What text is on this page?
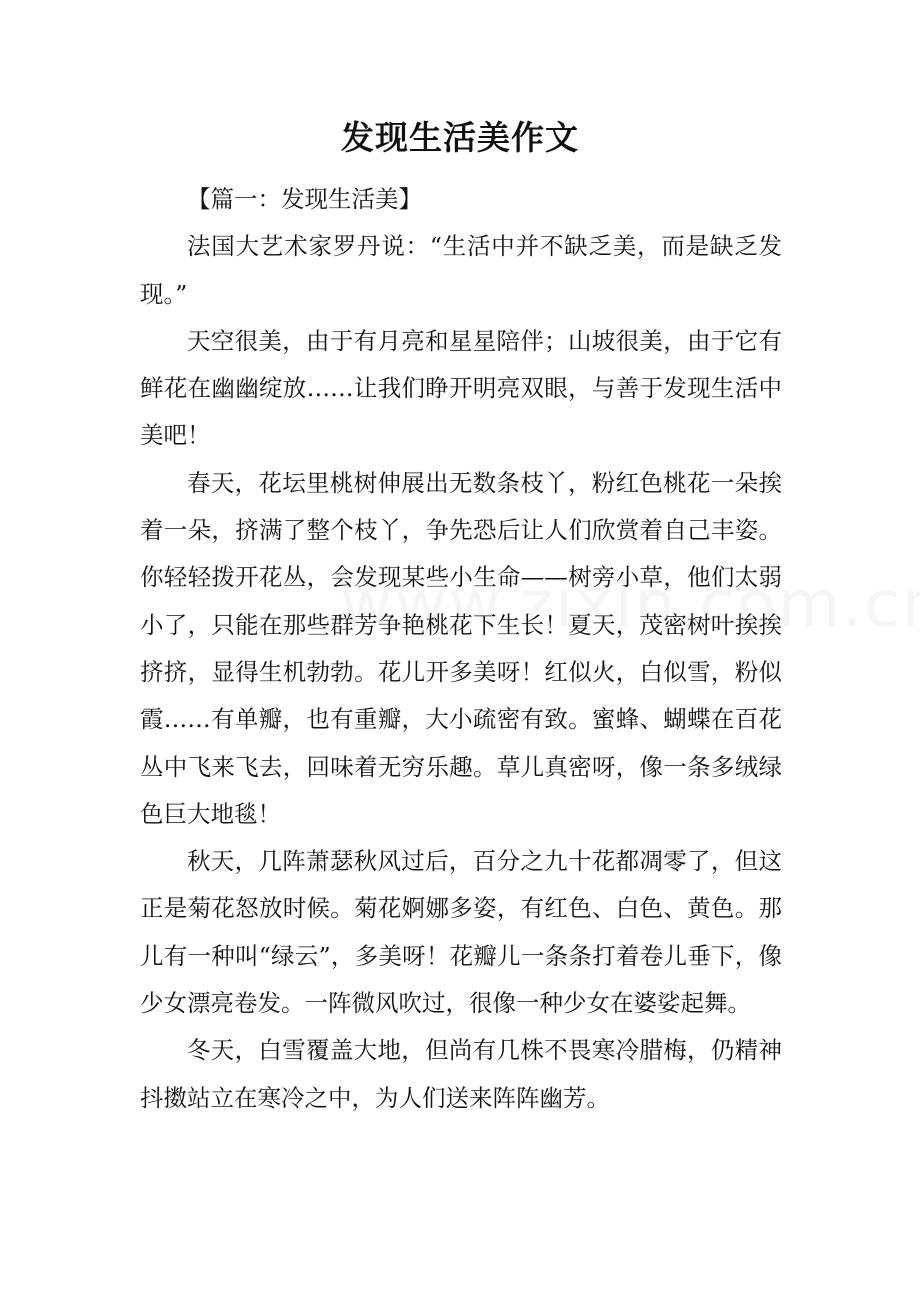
发现生活美作文

【篇一：发现生活美】

法国大艺术家罗丹说：“生活中并不缺乏美，而是缺乏发现。”

天空很美，由于有月亮和星星陪伴；山坡很美，由于它有鲜花在幽幽绽放……让我们睁开明亮双眼，与善于发现生活中美吧！

春天，花坛里桃树伸展出无数条枝丫，粉红色桃花一朵挨着一朵，挤满了整个枝丫，争先恐后让人们欣赏着自己丰姿。你轻轻拨开花丛，会发现某些小生命——树旁小草，他们太弱小了，只能在那些群芳争艳桃花下生长！夏天，茂密树叶挨挨挤挤，显得生机勃勃。花儿开多美呀！红似火，白似雪，粉似霞……有单瓣，也有重瓣，大小疏密有致。蜜蜂、蝴蝶在百花丛中飞来飞去，回味着无穷乐趣。草儿真密呀，像一条多绒绿色巨大地毯！

秋天，几阵萧瑟秋风过后，百分之九十花都凋零了，但这正是菊花怒放时候。菊花婀娜多姿，有红色、白色、黄色。那儿有一种叫“绿云”，多美呀！花瓣儿一条条打着卷儿垂下，像少女漂亮卷发。一阵微风吹过，很像一种少女在婆娑起舞。

冬天，白雪覆盖大地，但尚有几株不畏寒冷腊梅，仍精神抖擞站立在寒冷之中，为人们送来阵阵幽芳。
